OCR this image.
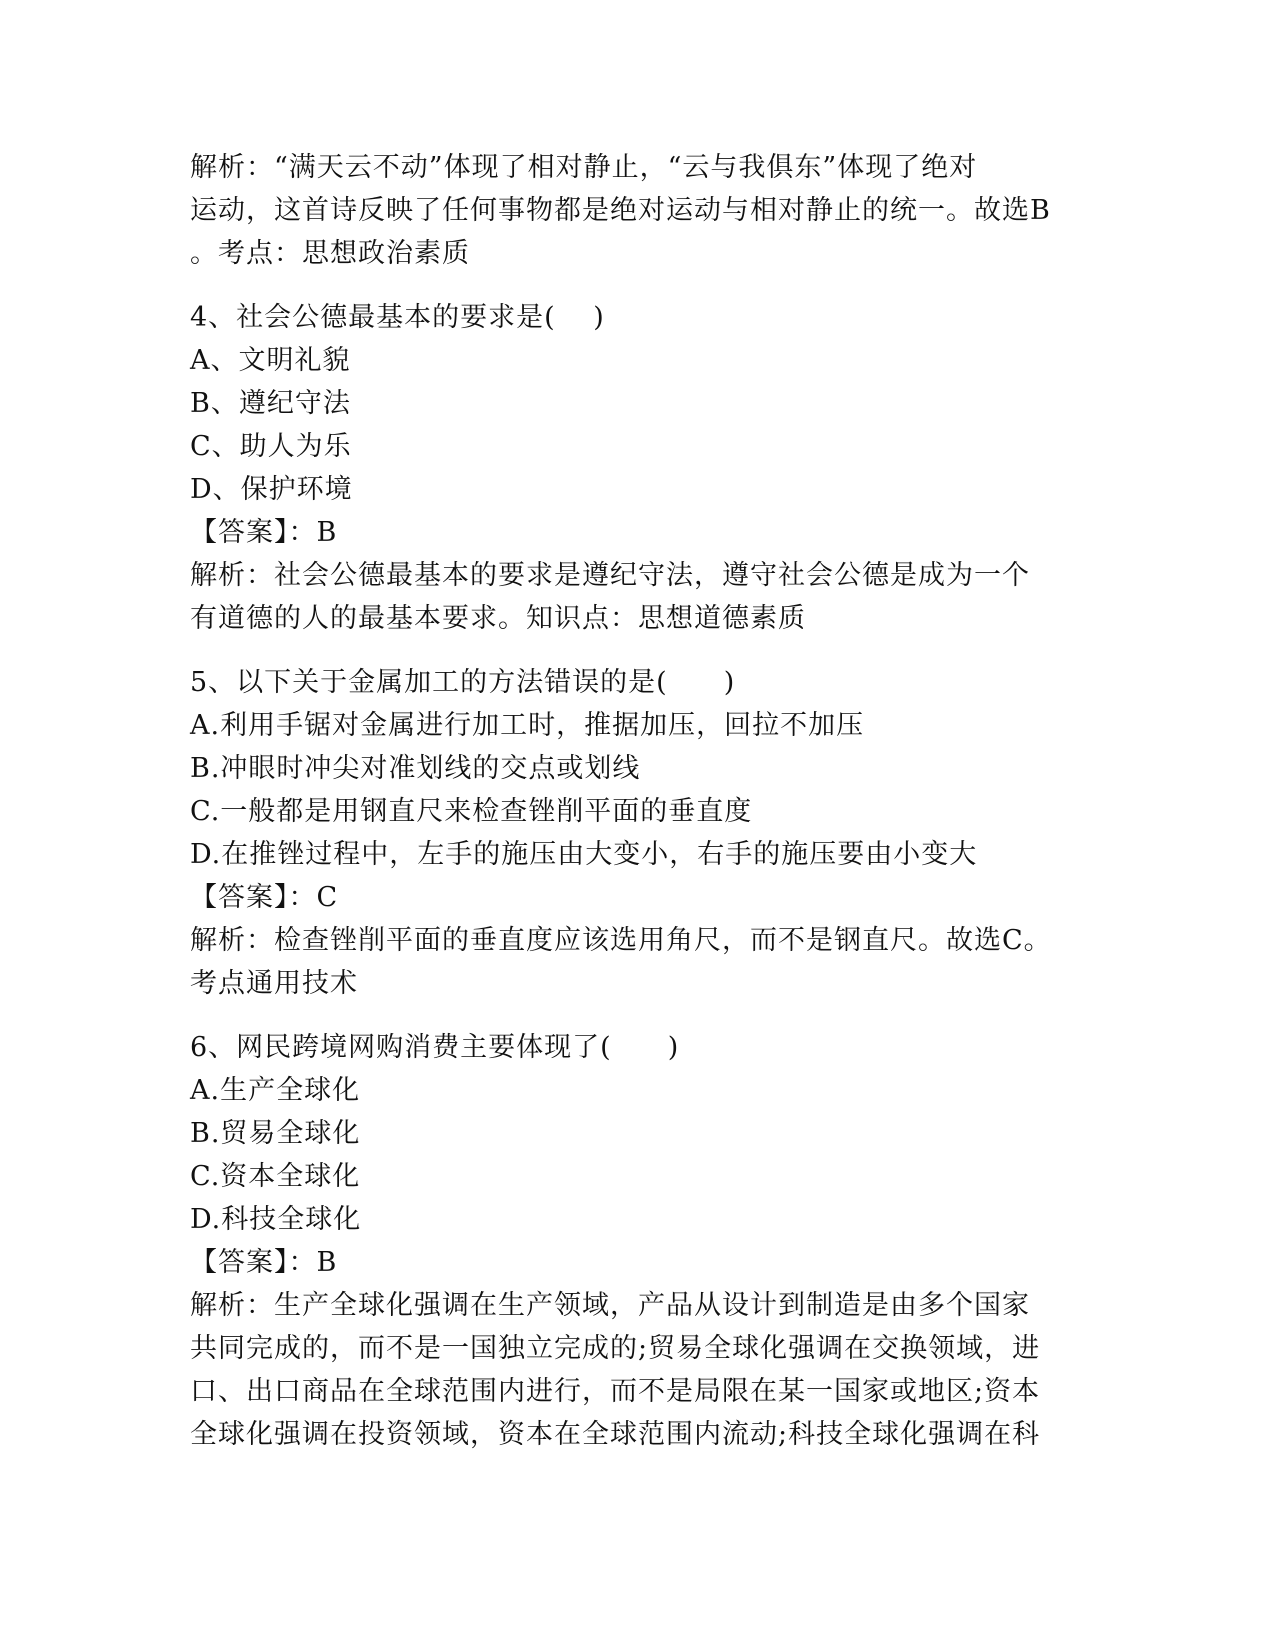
解析：“满天云不动”体现了相对静止，“云与我俱东”体现了绝对
运动，这首诗反映了任何事物都是绝对运动与相对静止的统一。故选B
。考点：思想政治素质
4、社会公德最基本的要求是(　 )
A、文明礼貌
B、遵纪守法
C、助人为乐
D、保护环境
【答案】：B
解析：社会公德最基本的要求是遵纪守法，遵守社会公德是成为一个
有道德的人的最基本要求。知识点：思想道德素质
5、以下关于金属加工的方法错误的是(　　)
A.利用手锯对金属进行加工时，推据加压，回拉不加压
B.冲眼时冲尖对准划线的交点或划线
C.一般都是用钢直尺来检查锉削平面的垂直度
D.在推锉过程中，左手的施压由大变小，右手的施压要由小变大
【答案】：C
解析：检查锉削平面的垂直度应该选用角尺，而不是钢直尺。故选C。
考点通用技术
6、网民跨境网购消费主要体现了(　　)
A.生产全球化
B.贸易全球化
C.资本全球化
D.科技全球化
【答案】：B
解析：生产全球化强调在生产领域，产品从设计到制造是由多个国家
共同完成的，而不是一国独立完成的;贸易全球化强调在交换领域，进
口、出口商品在全球范围内进行，而不是局限在某一国家或地区;资本
全球化强调在投资领域，资本在全球范围内流动;科技全球化强调在科
